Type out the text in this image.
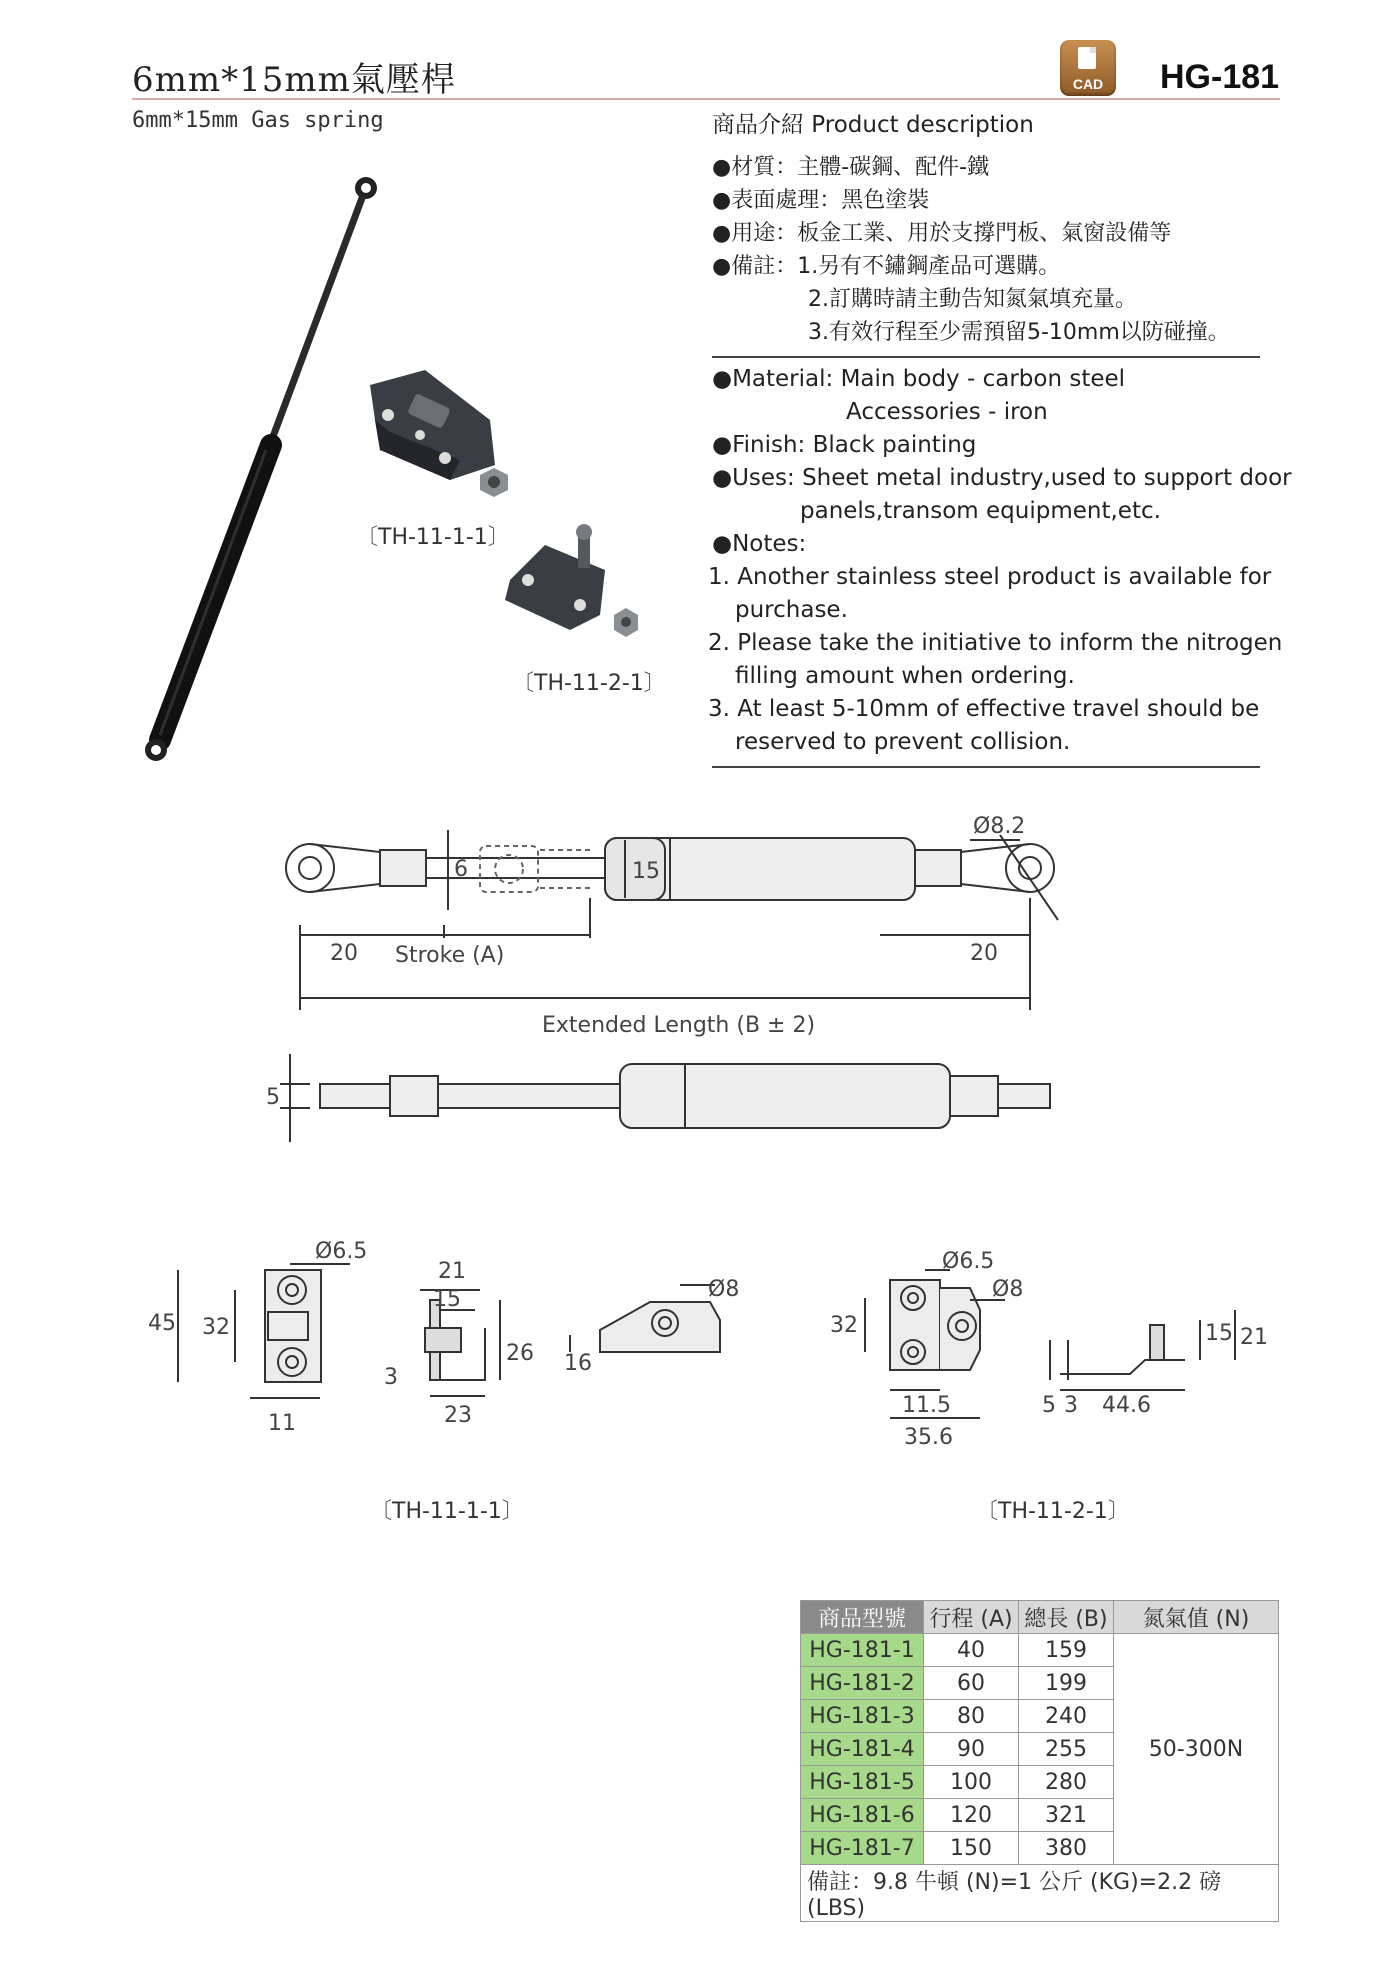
6mm*15mm氣壓桿
6mm*15mm Gas spring
CAD	HG-181
商品介紹 Product description
●材質：主體-碳鋼、配件-鐵
●表面處理：黑色塗裝
●用途：板金工業、用於支撐門板、氣窗設備等
●備註：1.另有不鏽鋼產品可選購。
2.訂購時請主動告知氮氣填充量。
3.有效行程至少需預留5-10mm以防碰撞。
●Material: Main body - carbon steel
Accessories - iron
●Finish: Black painting
●Uses: Sheet metal industry,used to support door
panels,transom equipment,etc.
●Notes:
1. Another stainless steel product is available for
purchase.
2. Please take the initiative to inform the nitrogen
filling amount when ordering.
3. At least 5-10mm of effective travel should be
reserved to prevent collision.
〔TH-11-1-1〕
〔TH-11-2-1〕
Ø8.2
6	15
20 Stroke (A)	20
Extended Length (B ± 2)
5
Ø6.5
45 32
11
21
15
26
3
23
16
Ø8
〔TH-11-1-1〕
Ø6.5
Ø8
32
11.5
35.6
5 3 44.6
15 21
〔TH-11-2-1〕
商品型號	行程 (A)	總長 (B)	氮氣值 (N)
HG-181-1	40	159	50-300N
HG-181-2	60	199	
HG-181-3	80	240	
HG-181-4	90	255	
HG-181-5	100	280	
HG-181-6	120	321	
HG-181-7	150	380	
備註：9.8 牛頓 (N)=1 公斤 (KG)=2.2 磅 (LBS)			
